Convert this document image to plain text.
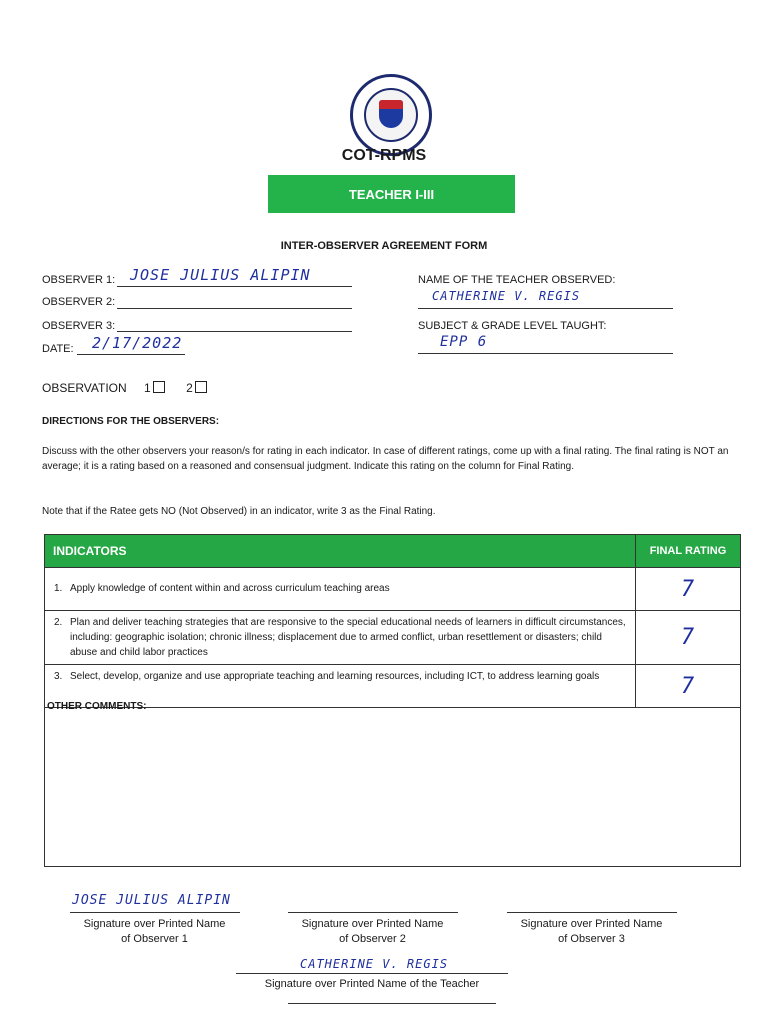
COT-RPMS
TEACHER I-III
INTER-OBSERVER AGREEMENT FORM
OBSERVER 1: JOSE JULIUS ALIPIN
OBSERVER 2:
OBSERVER 3:
DATE: 2/17/2022
NAME OF THE TEACHER OBSERVED:
CATHERINE V. REGIS
SUBJECT & GRADE LEVEL TAUGHT:
EPP 6
OBSERVATION 1	2
DIRECTIONS FOR THE OBSERVERS:
Discuss with the other observers your reason/s for rating in each indicator. In case of different ratings, come up with a final rating. The final rating is NOT an average; it is a rating based on a reasoned and consensual judgment. Indicate this rating on the column for Final Rating.
Note that if the Ratee gets NO (Not Observed) in an indicator, write 3 as the Final Rating.
INDICATORS	FINAL RATING

1. Apply knowledge of content within and across curriculum teaching areas	7

2. Plan and deliver teaching strategies that are responsive to the special educational needs of learners in difficult circumstances, including: geographic isolation; chronic illness; displacement due to armed conflict, urban resettlement or disasters; child abuse and child labor practices	7

3. Select, develop, organize and use appropriate teaching and learning resources, including ICT, to address learning goals	7
OTHER COMMENTS:
JOSE JULIUS ALIPIN
Signature over Printed Name
of Observer 1
Signature over Printed Name
of Observer 2
Signature over Printed Name
of Observer 3
CATHERINE V. REGIS
Signature over Printed Name of the Teacher
